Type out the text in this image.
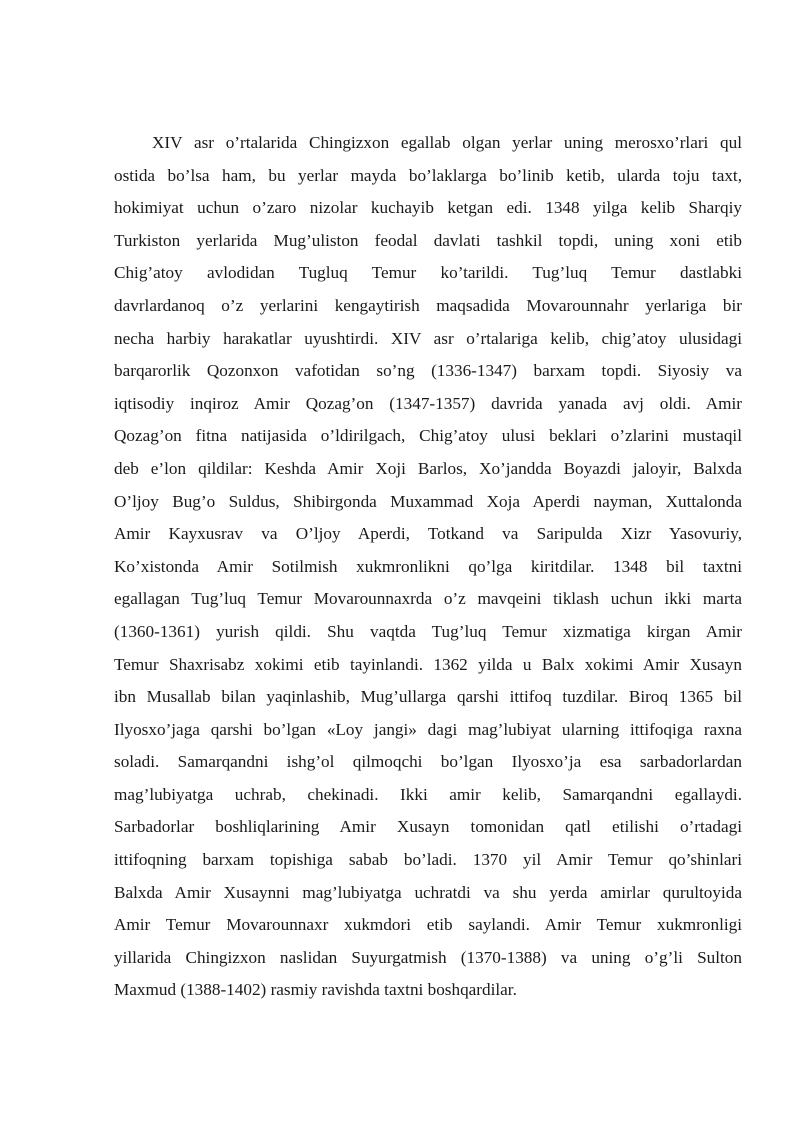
XIV asr o’rtalarida Chingizxon egallab olgan yerlar uning merosxo’rlari qul
ostida bo’lsa ham, bu yerlar mayda bo’laklarga bo’linib ketib, ularda toju taxt,
hokimiyat uchun o’zaro nizolar kuchayib ketgan edi. 1348 yilga kelib Sharqiy
Turkiston yerlarida Mug’uliston feodal davlati tashkil topdi, uning xoni etib
Chig’atoy avlodidan Tugluq Temur ko’tarildi. Tug’luq Temur dastlabki
davrlardanoq o’z yerlarini kengaytirish maqsadida Movarounnahr yerlariga bir
necha harbiy harakatlar uyushtirdi. XIV asr o’rtalariga kelib, chig’atoy ulusidagi
barqarorlik Qozonxon vafotidan so’ng (1336-1347) barxam topdi. Siyosiy va
iqtisodiy inqiroz Amir Qozag’on (1347-1357) davrida yanada avj oldi. Amir
Qozag’on fitna natijasida o’ldirilgach, Chig’atoy ulusi beklari o’zlarini mustaqil
deb e’lon qildilar: Keshda Amir Xoji Barlos, Xo’jandda Boyazdi jaloyir, Balxda
O’ljoy Bug’o Suldus, Shibirgonda Muxammad Xoja Aperdi nayman, Xuttalonda
Amir Kayxusrav va O’ljoy Aperdi, Totkand va Saripulda Xizr Yasovuriy,
Ko’xistonda Amir Sotilmish xukmronlikni qo’lga kiritdilar. 1348 bil taxtni
egallagan Tug’luq Temur Movarounnaxrda o’z mavqeini tiklash uchun ikki marta
(1360-1361) yurish qildi. Shu vaqtda Tug’luq Temur xizmatiga kirgan Amir
Temur Shaxrisabz xokimi etib tayinlandi. 1362 yilda u Balx xokimi Amir Xusayn
ibn Musallab bilan yaqinlashib, Mug’ullarga qarshi ittifoq tuzdilar. Biroq 1365 bil
Ilyosxo’jaga qarshi bo’lgan «Loy jangi» dagi mag’lubiyat ularning ittifoqiga raxna
soladi. Samarqandni ishg’ol qilmoqchi bo’lgan Ilyosxo’ja esa sarbadorlardan
mag’lubiyatga uchrab, chekinadi. Ikki amir kelib, Samarqandni egallaydi.
Sarbadorlar boshliqlarining Amir Xusayn tomonidan qatl etilishi o’rtadagi
ittifoqning barxam topishiga sabab bo’ladi. 1370 yil Amir Temur qo’shinlari
Balxda Amir Xusaynni mag’lubiyatga uchratdi va shu yerda amirlar qurultoyida
Amir Temur Movarounnaxr xukmdori etib saylandi. Amir Temur xukmronligi
yillarida Chingizxon naslidan Suyurgatmish (1370-1388) va uning o’g’li Sulton
Maxmud (1388-1402) rasmiy ravishda taxtni boshqardilar.
